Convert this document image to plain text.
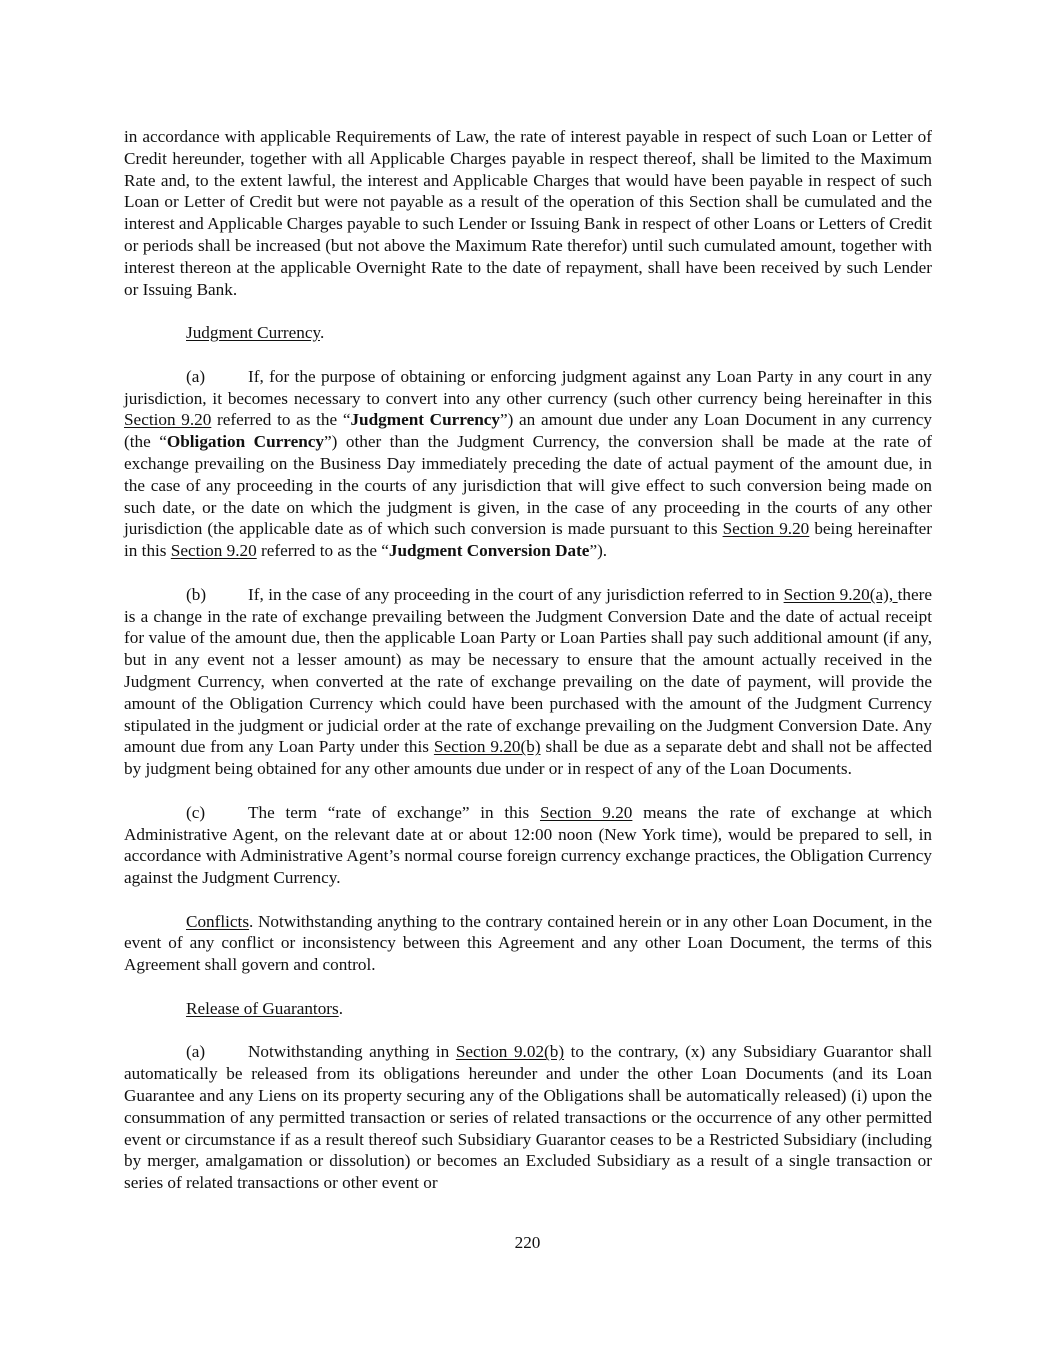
in accordance with applicable Requirements of Law, the rate of interest payable in respect of such Loan or Letter of Credit hereunder, together with all Applicable Charges payable in respect thereof, shall be limited to the Maximum Rate and, to the extent lawful, the interest and Applicable Charges that would have been payable in respect of such Loan or Letter of Credit but were not payable as a result of the operation of this Section shall be cumulated and the interest and Applicable Charges payable to such Lender or Issuing Bank in respect of other Loans or Letters of Credit or periods shall be increased (but not above the Maximum Rate therefor) until such cumulated amount, together with interest thereon at the applicable Overnight Rate to the date of repayment, shall have been received by such Lender or Issuing Bank.

Judgment Currency.

(a) If, for the purpose of obtaining or enforcing judgment against any Loan Party in any court in any jurisdiction, it becomes necessary to convert into any other currency (such other currency being hereinafter in this Section 9.20 referred to as the “Judgment Currency”) an amount due under any Loan Document in any currency (the “Obligation Currency”) other than the Judgment Currency, the conversion shall be made at the rate of exchange prevailing on the Business Day immediately preceding the date of actual payment of the amount due, in the case of any proceeding in the courts of any jurisdiction that will give effect to such conversion being made on such date, or the date on which the judgment is given, in the case of any proceeding in the courts of any other jurisdiction (the applicable date as of which such conversion is made pursuant to this Section 9.20 being hereinafter in this Section 9.20 referred to as the “Judgment Conversion Date”).

(b) If, in the case of any proceeding in the court of any jurisdiction referred to in Section 9.20(a), there is a change in the rate of exchange prevailing between the Judgment Conversion Date and the date of actual receipt for value of the amount due, then the applicable Loan Party or Loan Parties shall pay such additional amount (if any, but in any event not a lesser amount) as may be necessary to ensure that the amount actually received in the Judgment Currency, when converted at the rate of exchange prevailing on the date of payment, will provide the amount of the Obligation Currency which could have been purchased with the amount of the Judgment Currency stipulated in the judgment or judicial order at the rate of exchange prevailing on the Judgment Conversion Date. Any amount due from any Loan Party under this Section 9.20(b) shall be due as a separate debt and shall not be affected by judgment being obtained for any other amounts due under or in respect of any of the Loan Documents.

(c) The term “rate of exchange” in this Section 9.20 means the rate of exchange at which Administrative Agent, on the relevant date at or about 12:00 noon (New York time), would be prepared to sell, in accordance with Administrative Agent’s normal course foreign currency exchange practices, the Obligation Currency against the Judgment Currency.

Conflicts. Notwithstanding anything to the contrary contained herein or in any other Loan Document, in the event of any conflict or inconsistency between this Agreement and any other Loan Document, the terms of this Agreement shall govern and control.

Release of Guarantors.

(a) Notwithstanding anything in Section 9.02(b) to the contrary, (x) any Subsidiary Guarantor shall automatically be released from its obligations hereunder and under the other Loan Documents (and its Loan Guarantee and any Liens on its property securing any of the Obligations shall be automatically released) (i) upon the consummation of any permitted transaction or series of related transactions or the occurrence of any other permitted event or circumstance if as a result thereof such Subsidiary Guarantor ceases to be a Restricted Subsidiary (including by merger, amalgamation or dissolution) or becomes an Excluded Subsidiary as a result of a single transaction or series of related transactions or other event or

220
